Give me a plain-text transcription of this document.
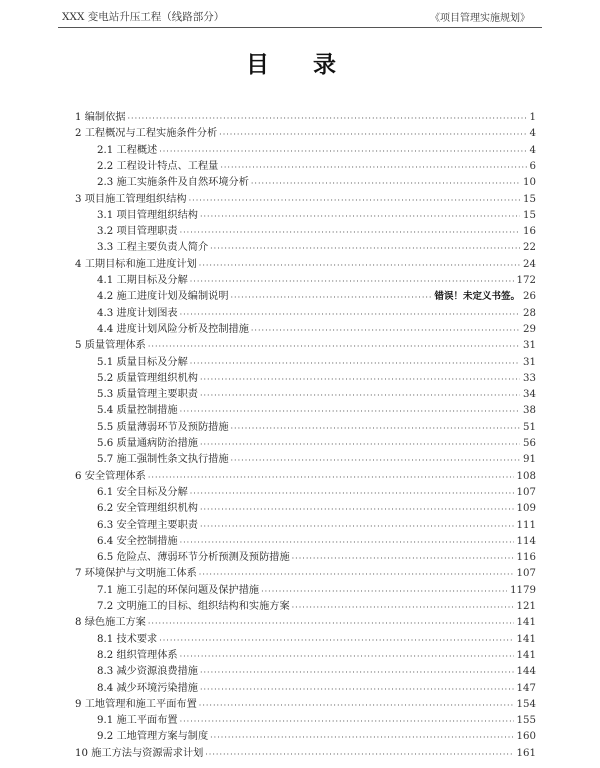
XXX 变电站升压工程（线路部分）	《项目管理实施规划》
目 录
1 编制依据 ·····	1
2 工程概况与工程实施条件分析 ·····	4
2.1 工程概述 ·····	4
2.2 工程设计特点、工程量 ·····	6
2.3 施工实施条件及自然环境分析 ·····	10
3 项目施工管理组织结构 ·····	15
3.1 项目管理组织结构 ·····	15
3.2 项目管理职责 ·····	16
3.3 工程主要负责人简介 ·····	22
4 工期目标和施工进度计划 ·····	24
4.1 工期目标及分解 ·····	172
4.2 施工进度计划及编制说明 ·····	错误！未定义书签。 26
4.3 进度计划图表 ·····	28
4.4 进度计划风险分析及控制措施 ·····	29
5 质量管理体系 ·····	31
5.1 质量目标及分解 ·····	31
5.2 质量管理组织机构 ·····	33
5.3 质量管理主要职责 ·····	34
5.4 质量控制措施 ·····	38
5.5 质量薄弱环节及预防措施 ·····	51
5.6 质量通病防治措施 ·····	56
5.7 施工强制性条文执行措施 ·····	91
6 安全管理体系 ·····	108
6.1 安全目标及分解 ·····	107
6.2 安全管理组织机构 ·····	109
6.3 安全管理主要职责 ·····	111
6.4 安全控制措施 ·····	114
6.5 危险点、薄弱环节分析预测及预防措施 ·····	116
7 环境保护与文明施工体系 ·····	107
7.1 施工引起的环保问题及保护措施 ·····	1179
7.2 文明施工的目标、组织结构和实施方案 ·····	121
8 绿色施工方案 ·····	141
8.1 技术要求 ·····	141
8.2 组织管理体系 ·····	141
8.3 减少资源浪费措施 ·····	144
8.4 减少环境污染措施 ·····	147
9 工地管理和施工平面布置 ·····	154
9.1 施工平面布置 ·····	155
9.2 工地管理方案与制度 ·····	160
10 施工方法与资源需求计划 ·····	161
